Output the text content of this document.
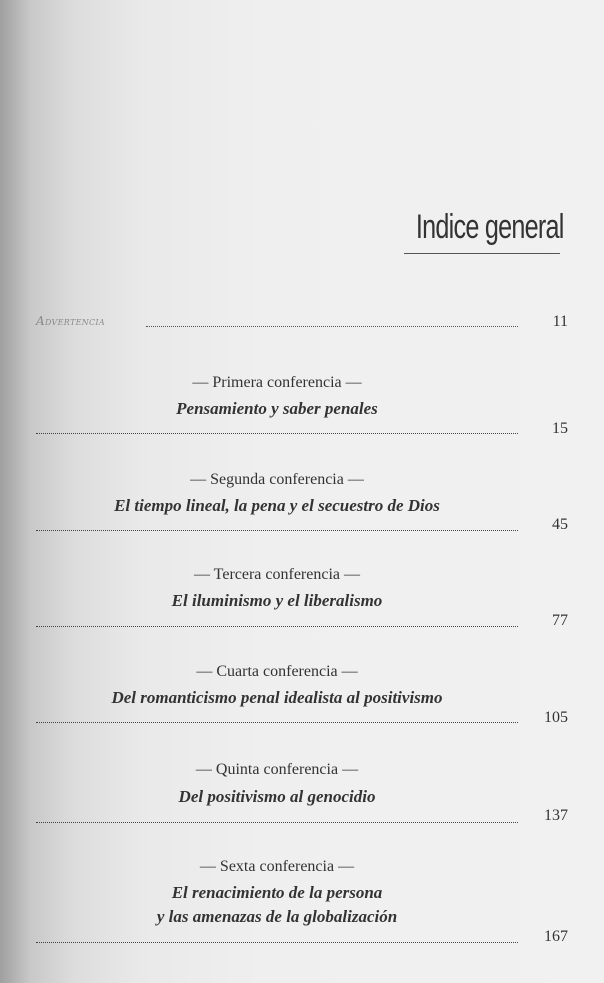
Indice general
Advertencia	11
— Primera conferencia —
Pensamiento y saber penales
15
— Segunda conferencia —
El tiempo lineal, la pena y el secuestro de Dios
45
— Tercera conferencia —
El iluminismo y el liberalismo
77
— Cuarta conferencia —
Del romanticismo penal idealista al positivismo
105
— Quinta conferencia —
Del positivismo al genocidio
137
— Sexta conferencia —
El renacimiento de la persona
y las amenazas de la globalización
167
